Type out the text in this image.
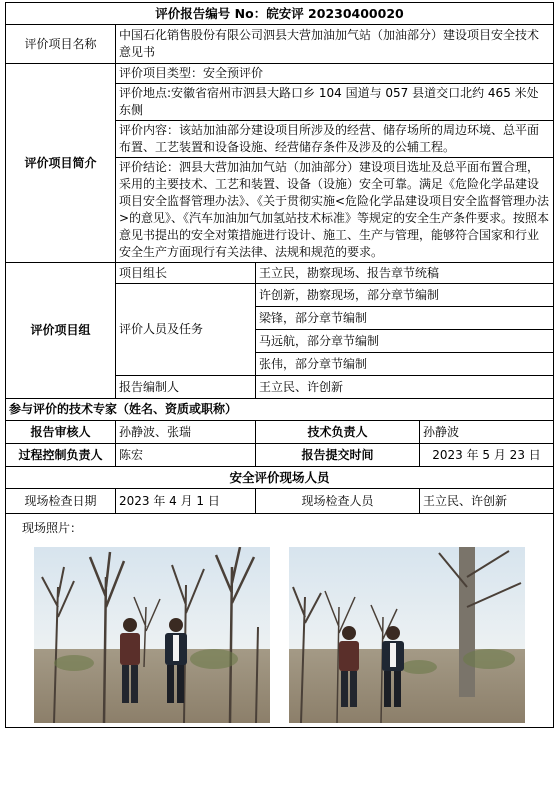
评价报告编号 No：皖安评 20230400020			
评价项目名称	中国石化销售股份有限公司泗县大营加油加气站（加油部分）建设项目安全技术意见书		
评价项目简介	评价项目类型：安全预评价		
	评价地点:安徽省宿州市泗县大路口乡 104 国道与 057 县道交口北约 465 米处东侧		
	评价内容：该站加油部分建设项目所涉及的经营、储存场所的周边环境、总平面布置、工艺装置和设备设施、经营储存条件及涉及的公辅工程。		
	评价结论：泗县大营加油加气站（加油部分）建设项目选址及总平面布置合理，采用的主要技术、工艺和装置、设备（设施）安全可靠。满足《危险化学品建设项目安全监督管理办法》、《关于贯彻实施<危险化学品建设项目安全监督管理办法>的意见》、《汽车加油加气加氢站技术标准》等规定的安全生产条件要求。按照本意见书提出的安全对策措施进行设计、施工、生产与管理，能够符合国家和行业安全生产方面现行有关法律、法规和规范的要求。		
评价项目组	项目组长	王立民，勘察现场、报告章节统稿	
	评价人员及任务	许创新，勘察现场，部分章节编制	
		梁锋，部分章节编制	
		马远航，部分章节编制	
		张伟，部分章节编制	
	报告编制人	王立民、许创新	
参与评价的技术专家（姓名、资质或职称）			
报告审核人	孙静波、张瑞	技术负责人	孙静波
过程控制负责人	陈宏	报告提交时间	2023 年 5 月 23 日
安全评价现场人员			
现场检查日期	2023 年 4 月 1 日	现场检查人员	王立民、许创新

现场照片：			
